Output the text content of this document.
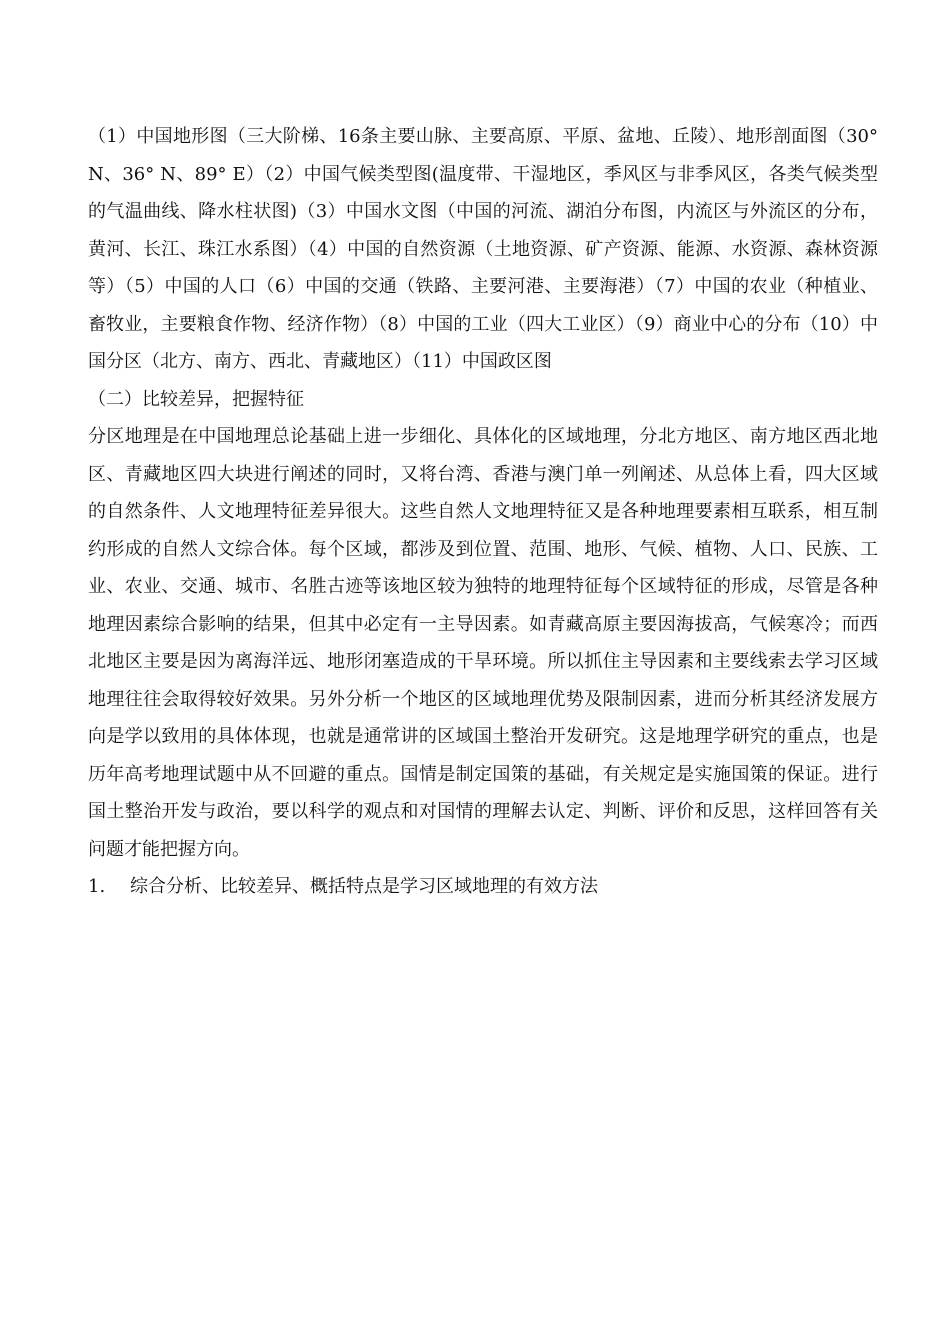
（1）中国地形图（三大阶梯、16条主要山脉、主要高原、平原、盆地、丘陵）、地形剖面图（30° N、36° N、89° E）（2）中国气候类型图(温度带、干湿地区，季风区与非季风区，各类气候类型的气温曲线、降水柱状图)（3）中国水文图（中国的河流、湖泊分布图，内流区与外流区的分布，黄河、长江、珠江水系图）（4）中国的自然资源（土地资源、矿产资源、能源、水资源、森林资源等）（5）中国的人口（6）中国的交通（铁路、主要河港、主要海港）（7）中国的农业（种植业、畜牧业，主要粮食作物、经济作物）（8）中国的工业（四大工业区）（9）商业中心的分布（10）中国分区（北方、南方、西北、青藏地区）（11）中国政区图

（二）比较差异，把握特征

分区地理是在中国地理总论基础上进一步细化、具体化的区域地理，分北方地区、南方地区西北地区、青藏地区四大块进行阐述的同时，又将台湾、香港与澳门单一列阐述、从总体上看，四大区域的自然条件、人文地理特征差异很大。这些自然人文地理特征又是各种地理要素相互联系，相互制约形成的自然人文综合体。每个区域，都涉及到位置、范围、地形、气候、植物、人口、民族、工业、农业、交通、城市、名胜古迹等该地区较为独特的地理特征每个区域特征的形成，尽管是各种地理因素综合影响的结果，但其中必定有一主导因素。如青藏高原主要因海拔高，气候寒冷；而西北地区主要是因为离海洋远、地形闭塞造成的干旱环境。所以抓住主导因素和主要线索去学习区域地理往往会取得较好效果。另外分析一个地区的区域地理优势及限制因素，进而分析其经济发展方向是学以致用的具体体现，也就是通常讲的区域国土整治开发研究。这是地理学研究的重点，也是历年高考地理试题中从不回避的重点。国情是制定国策的基础，有关规定是实施国策的保证。进行国土整治开发与政治，要以科学的观点和对国情的理解去认定、判断、评价和反思，这样回答有关问题才能把握方向。

1. 综合分析、比较差异、概括特点是学习区域地理的有效方法
